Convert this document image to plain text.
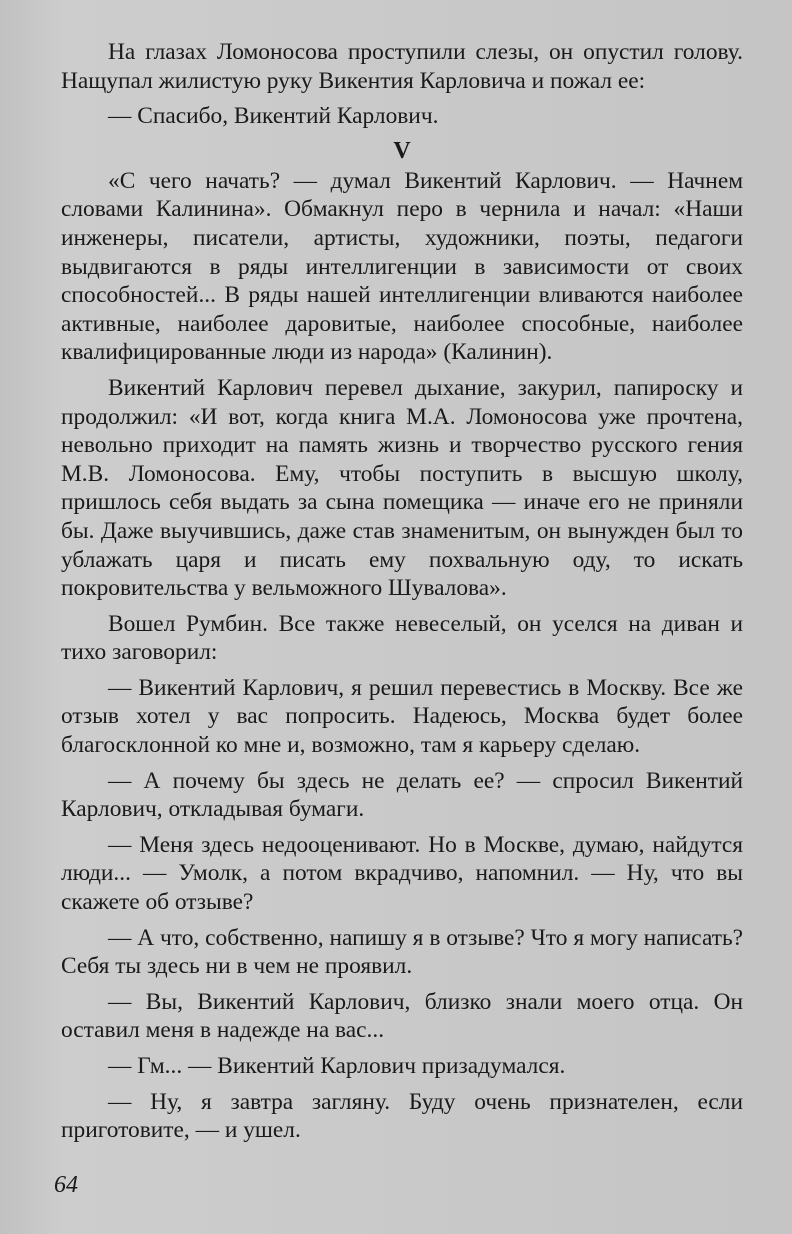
На глазах Ломоносова проступили слезы, он опустил голову. Нащупал жилистую руку Викентия Карловича и пожал ее:

— Спасибо, Викентий Карлович.

V

«С чего начать? — думал Викентий Карлович. — Начнем словами Калинина». Обмакнул перо в чернила и начал: «Наши инженеры, писатели, артисты, художники, поэты, педагоги выдвигаются в ряды интеллигенции в зависимости от своих способностей... В ряды нашей интеллигенции вливаются наиболее активные, наиболее даровитые, наиболее способные, наиболее квалифицированные люди из народа» (Калинин).

Викентий Карлович перевел дыхание, закурил, папироску и продолжил: «И вот, когда книга М.А. Ломоносова уже прочтена, невольно приходит на память жизнь и творчество русского гения М.В. Ломоносова. Ему, чтобы поступить в высшую школу, пришлось себя выдать за сына помещика — иначе его не приняли бы. Даже выучившись, даже став знаменитым, он вынужден был то ублажать царя и писать ему похвальную оду, то искать покровительства у вельможного Шувалова».

Вошел Румбин. Все также невеселый, он уселся на диван и тихо заговорил:

— Викентий Карлович, я решил перевестись в Москву. Все же отзыв хотел у вас попросить. Надеюсь, Москва будет более благосклонной ко мне и, возможно, там я карьеру сделаю.

— А почему бы здесь не делать ее? — спросил Викентий Карлович, откладывая бумаги.

— Меня здесь недооценивают. Но в Москве, думаю, найдутся люди... — Умолк, а потом вкрадчиво, напомнил. — Ну, что вы скажете об отзыве?

— А что, собственно, напишу я в отзыве? Что я могу написать? Себя ты здесь ни в чем не проявил.

— Вы, Викентий Карлович, близко знали моего отца. Он оставил меня в надежде на вас...

— Гм... — Викентий Карлович призадумался.

— Ну, я завтра загляну. Буду очень признателен, если приготовите, — и ушел.

64
